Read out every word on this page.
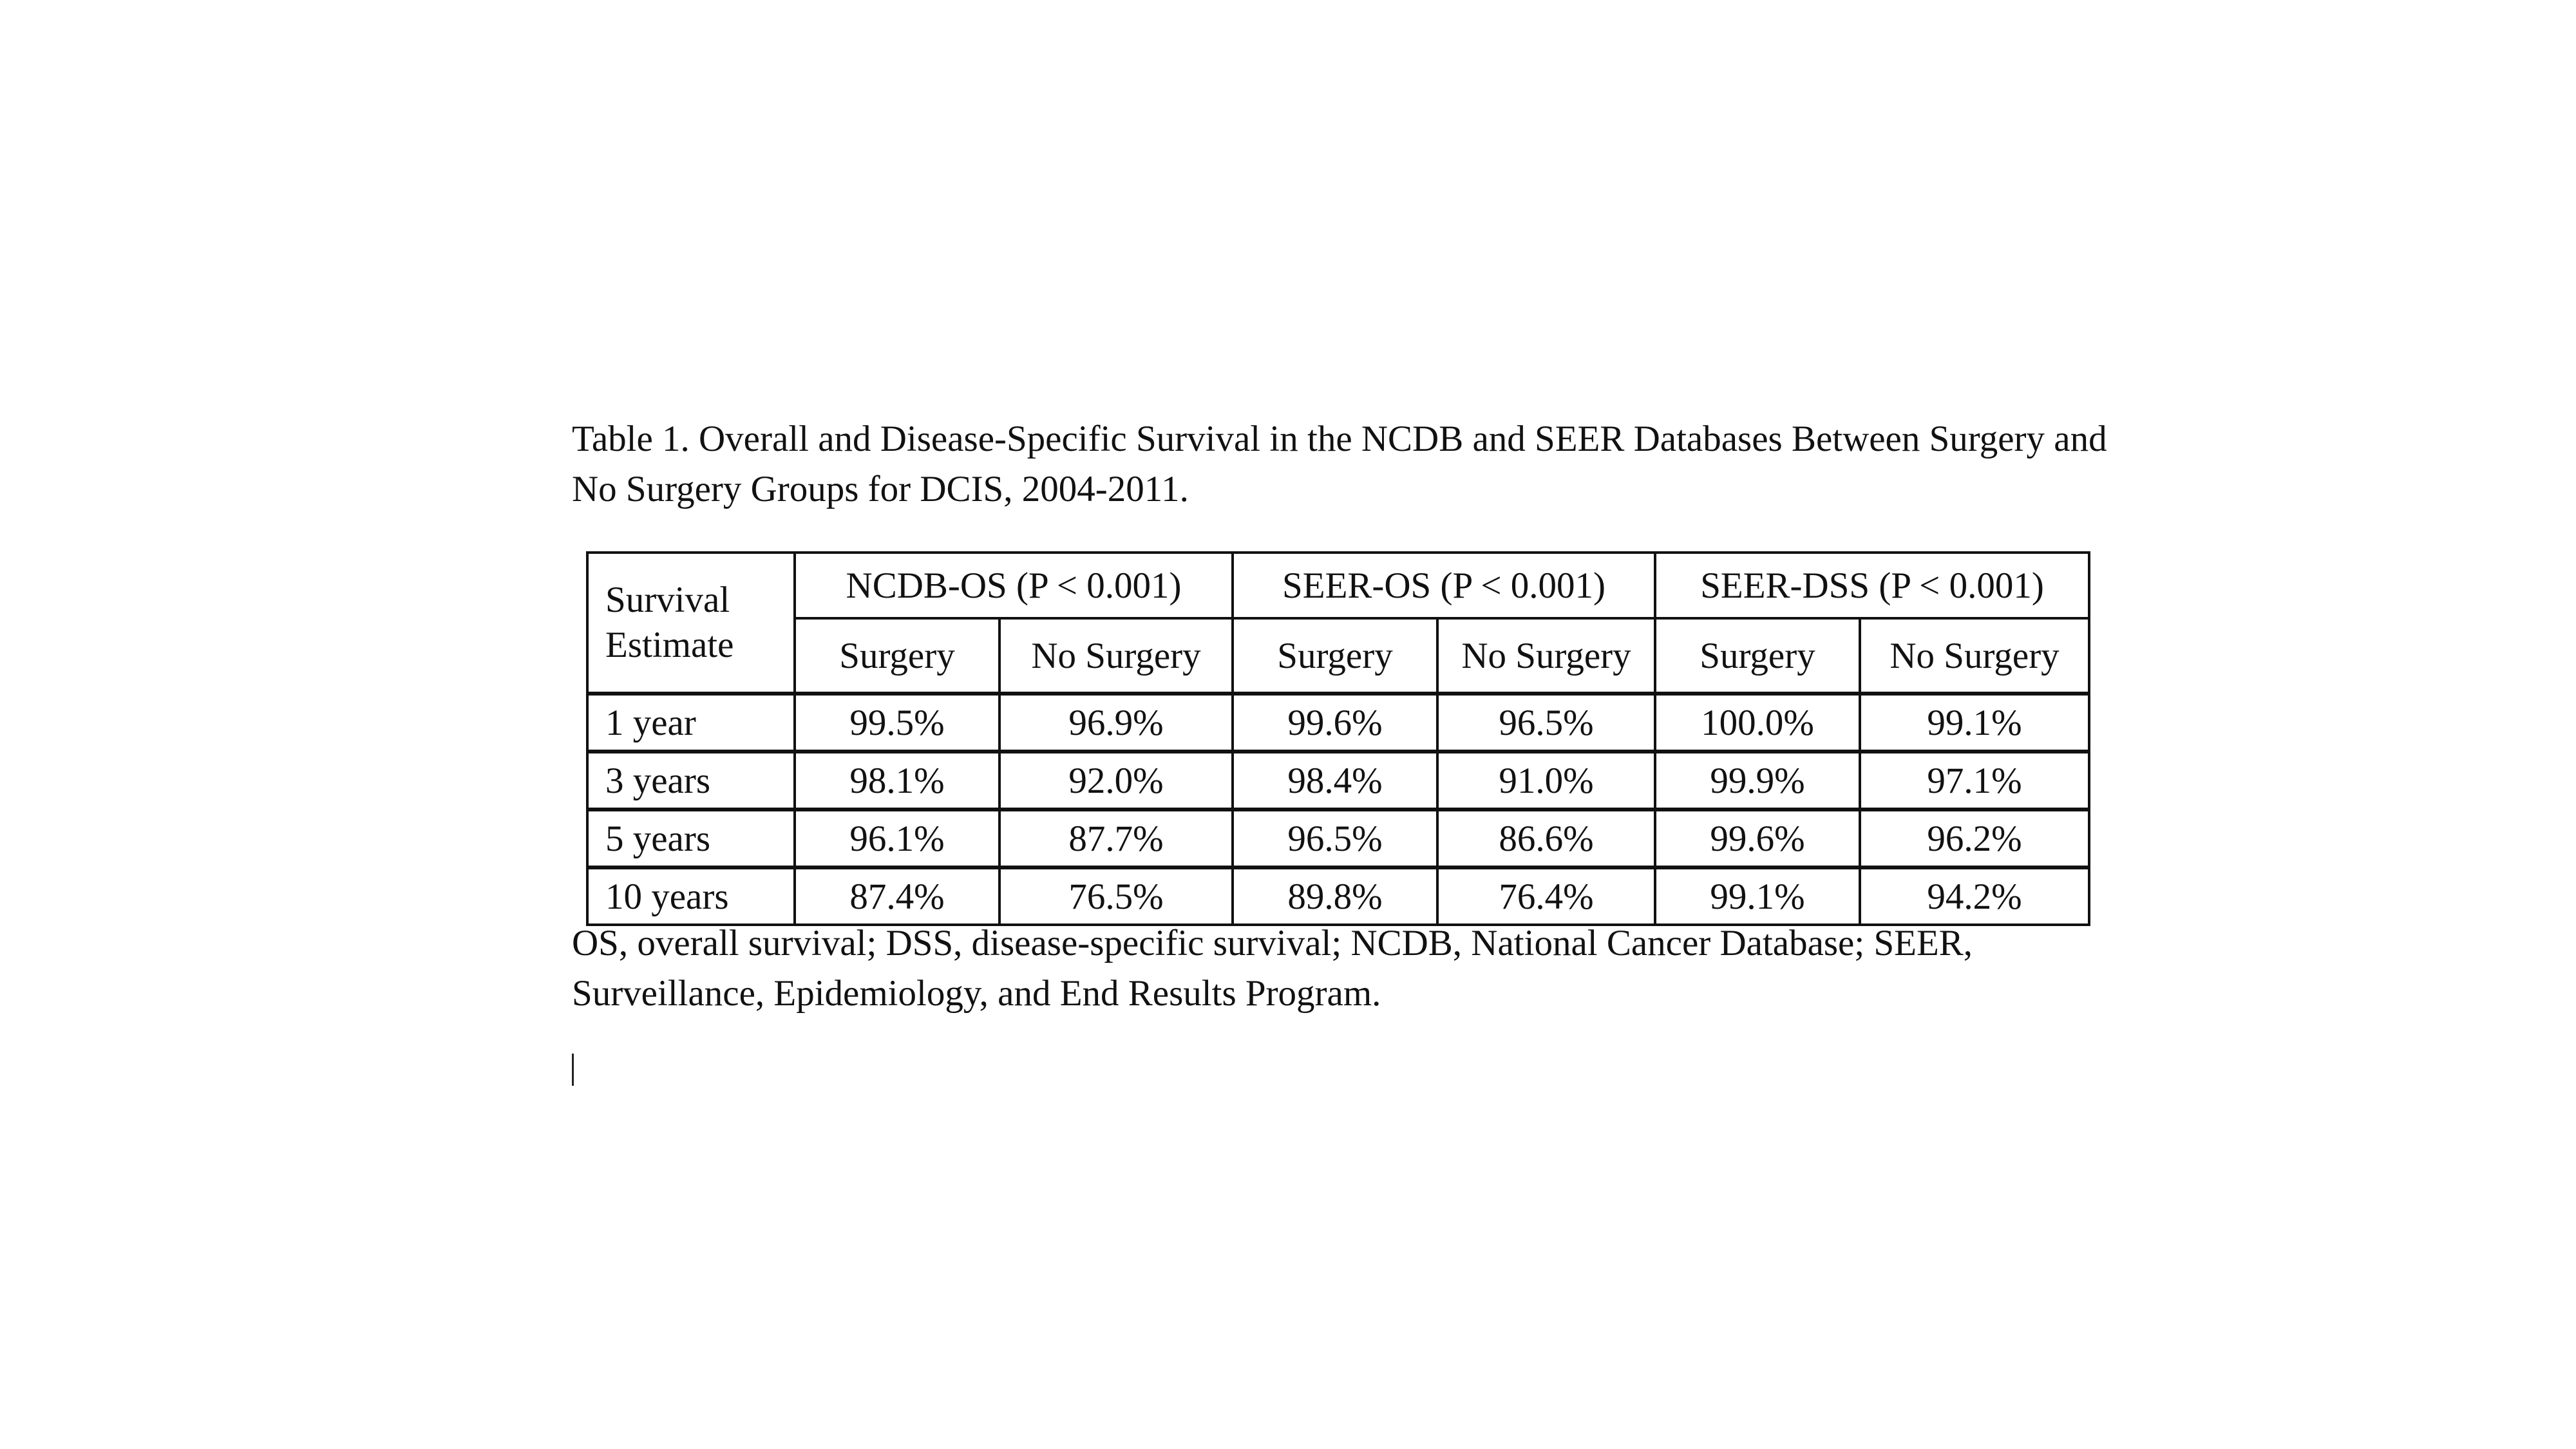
Table 1. Overall and Disease-Specific Survival in the NCDB and SEER Databases Between Surgery and No Surgery Groups for DCIS, 2004-2011.

Survival Estimate	NCDB-OS (P < 0.001)		SEER-OS (P < 0.001)		SEER-DSS (P < 0.001)	
	Surgery	No Surgery	Surgery	No Surgery	Surgery	No Surgery
1 year	99.5%	96.9%	99.6%	96.5%	100.0%	99.1%
3 years	98.1%	92.0%	98.4%	91.0%	99.9%	97.1%
5 years	96.1%	87.7%	96.5%	86.6%	99.6%	96.2%
10 years	87.4%	76.5%	89.8%	76.4%	99.1%	94.2%

OS, overall survival; DSS, disease-specific survival; NCDB, National Cancer Database; SEER, Surveillance, Epidemiology, and End Results Program.
